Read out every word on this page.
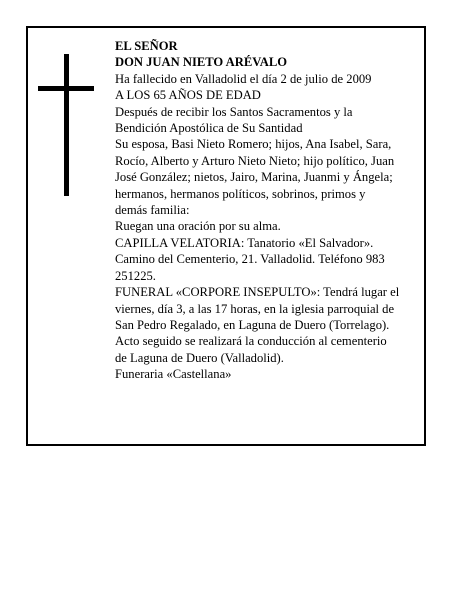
EL SEÑOR

DON JUAN NIETO ARÉVALO

Ha fallecido en Valladolid el día 2 de julio de 2009

A LOS 65 AÑOS DE EDAD

Después de recibir los Santos Sacramentos y la

Bendición Apostólica de Su Santidad

Su esposa, Basi Nieto Romero; hijos, Ana Isabel, Sara,

Rocío, Alberto y Arturo Nieto Nieto; hijo político, Juan

José González; nietos, Jairo, Marina, Juanmi y Ángela;

hermanos, hermanos políticos, sobrinos, primos y

demás familia:

Ruegan una oración por su alma.

CAPILLA VELATORIA: Tanatorio «El Salvador».

Camino del Cementerio, 21. Valladolid. Teléfono 983

251225.

FUNERAL «CORPORE INSEPULTO»: Tendrá lugar el

viernes, día 3, a las 17 horas, en la iglesia parroquial de

San Pedro Regalado, en Laguna de Duero (Torrelago).

Acto seguido se realizará la conducción al cementerio

de Laguna de Duero (Valladolid).

Funeraria «Castellana»
